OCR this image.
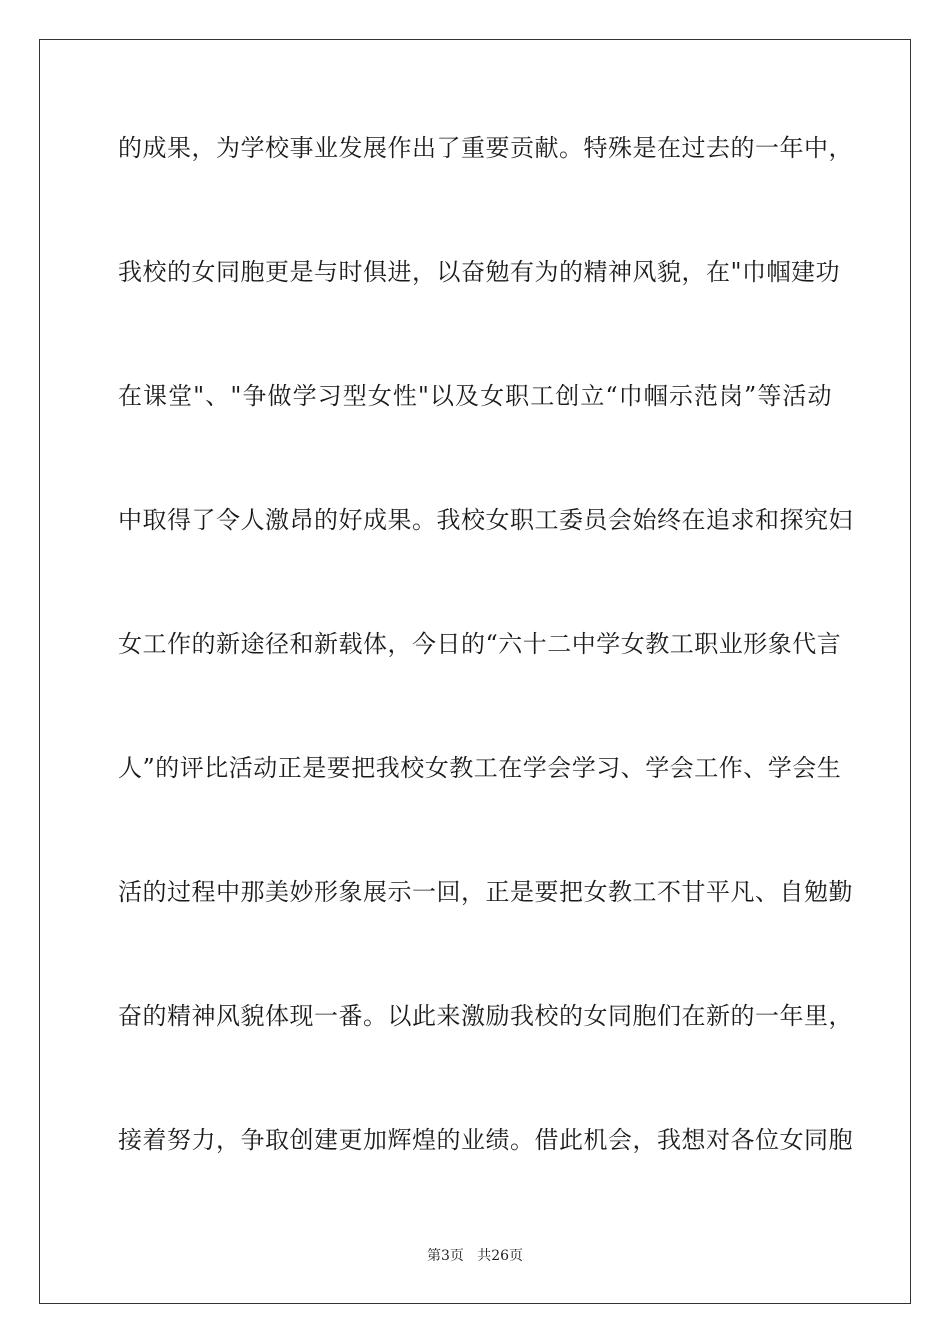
的成果，为学校事业发展作出了重要贡献。特殊是在过去的一年中，
我校的女同胞更是与时俱进，以奋勉有为的精神风貌，在"巾帼建功
在课堂"、"争做学习型女性"以及女职工创立“巾帼示范岗”等活动
中取得了令人激昂的好成果。我校女职工委员会始终在追求和探究妇
女工作的新途径和新载体，今日的“六十二中学女教工职业形象代言
人”的评比活动正是要把我校女教工在学会学习、学会工作、学会生
活的过程中那美妙形象展示一回，正是要把女教工不甘平凡、自勉勤
奋的精神风貌体现一番。以此来激励我校的女同胞们在新的一年里，
接着努力，争取创建更加辉煌的业绩。借此机会，我想对各位女同胞
第3页   共26页
